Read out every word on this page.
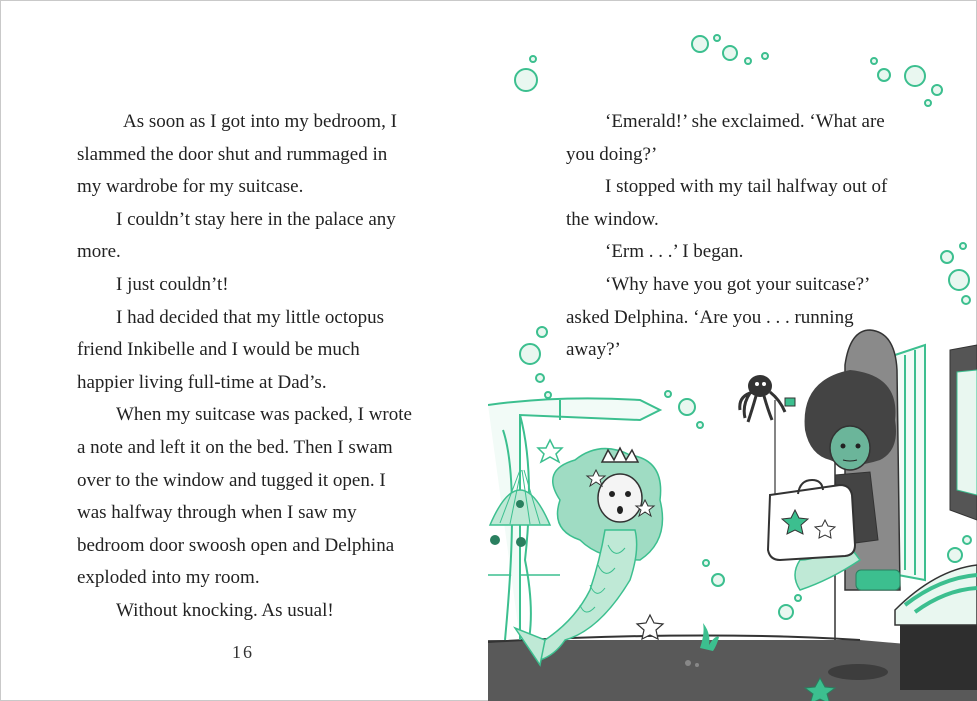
As soon as I got into my bedroom, I slammed the door shut and rummaged in my wardrobe for my suitcase.

I couldn’t stay here in the palace any more.

I just couldn’t!

I had decided that my little octopus friend Inkibelle and I would be much happier living full-time at Dad’s.

When my suitcase was packed, I wrote a note and left it on the bed. Then I swam over to the window and tugged it open. I was halfway through when I saw my bedroom door swoosh open and Delphina exploded into my room.

Without knocking. As usual!

16

‘Emerald!’ she exclaimed. ‘What are you doing?’

I stopped with my tail halfway out of the window.

‘Erm . . .’ I began.

‘Why have you got your suitcase?’ asked Delphina. ‘Are you . . . running away?’
